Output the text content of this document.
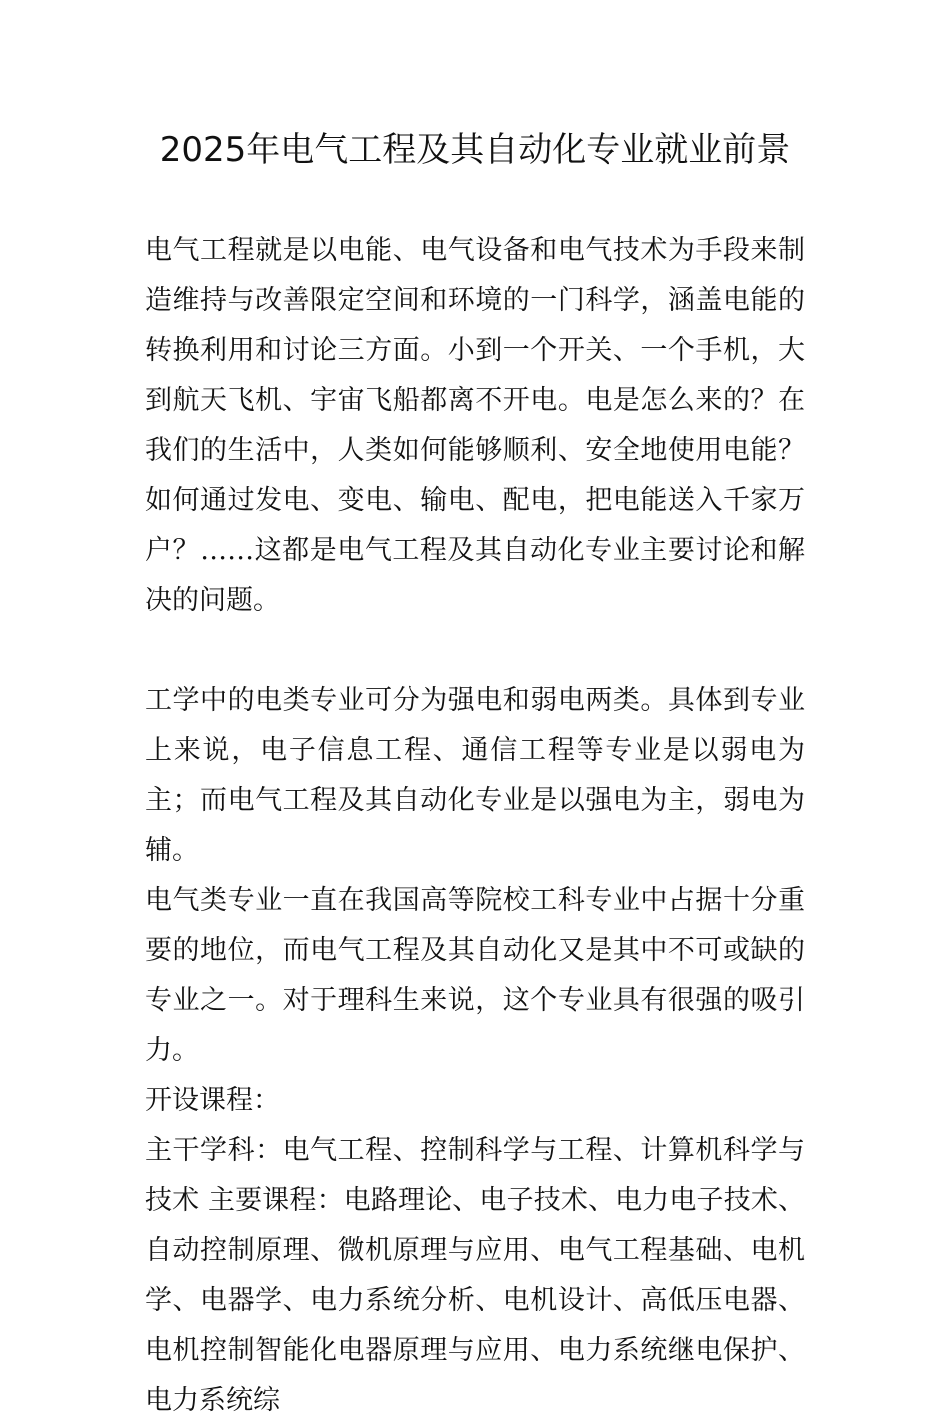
2025年电气工程及其自动化专业就业前景

电气工程就是以电能、电气设备和电气技术为手段来制造维持与改善限定空间和环境的一门科学，涵盖电能的转换利用和讨论三方面。小到一个开关、一个手机，大到航天飞机、宇宙飞船都离不开电。电是怎么来的？在我们的生活中，人类如何能够顺利、安全地使用电能？如何通过发电、变电、输电、配电，把电能送入千家万户？……这都是电气工程及其自动化专业主要讨论和解决的问题。

工学中的电类专业可分为强电和弱电两类。具体到专业上来说，电子信息工程、通信工程等专业是以弱电为主；而电气工程及其自动化专业是以强电为主，弱电为辅。

电气类专业一直在我国高等院校工科专业中占据十分重要的地位，而电气工程及其自动化又是其中不可或缺的专业之一。对于理科生来说，这个专业具有很强的吸引力。

开设课程：

主干学科：电气工程、控制科学与工程、计算机科学与技术 主要课程：电路理论、电子技术、电力电子技术、自动控制原理、微机原理与应用、电气工程基础、电机学、电器学、电力系统分析、电机设计、高低压电器、电机控制智能化电器原理与应用、电力系统继电保护、电力系统综
